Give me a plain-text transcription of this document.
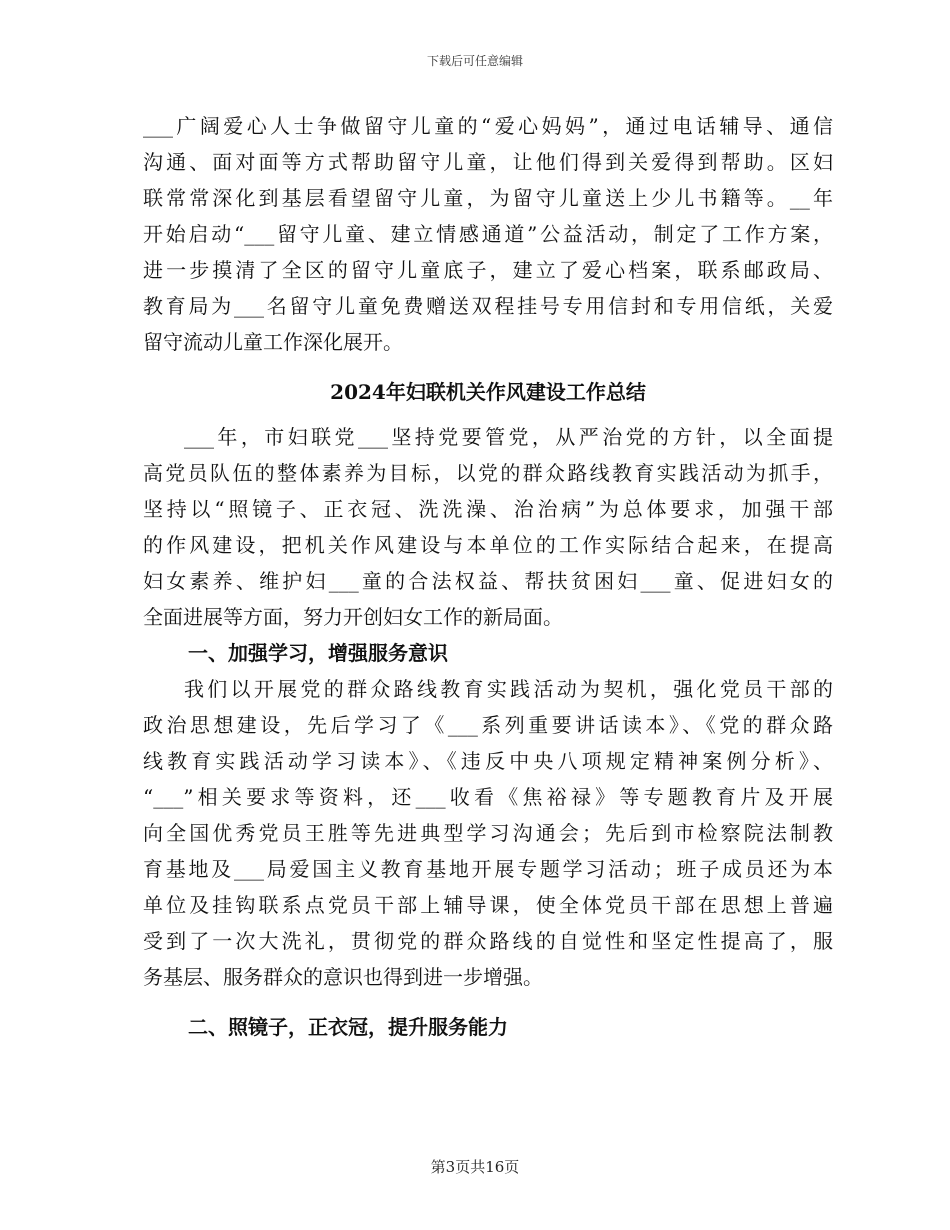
下载后可任意编辑
___广阔爱心人士争做留守儿童的“爱心妈妈”，通过电话辅导、通信
沟通、面对面等方式帮助留守儿童，让他们得到关爱得到帮助。区妇
联常常深化到基层看望留守儿童，为留守儿童送上少儿书籍等。__年
开始启动“___留守儿童、建立情感通道”公益活动，制定了工作方案，
进一步摸清了全区的留守儿童底子，建立了爱心档案，联系邮政局、
教育局为___名留守儿童免费赠送双程挂号专用信封和专用信纸，关爱
留守流动儿童工作深化展开。
2024年妇联机关作风建设工作总结
___年，市妇联党___坚持党要管党，从严治党的方针，以全面提
高党员队伍的整体素养为目标，以党的群众路线教育实践活动为抓手，
坚持以“照镜子、正衣冠、洗洗澡、治治病”为总体要求，加强干部
的作风建设，把机关作风建设与本单位的工作实际结合起来，在提高
妇女素养、维护妇___童的合法权益、帮扶贫困妇___童、促进妇女的
全面进展等方面，努力开创妇女工作的新局面。
一、加强学习，增强服务意识
我们以开展党的群众路线教育实践活动为契机，强化党员干部的
政治思想建设，先后学习了《___系列重要讲话读本》、《党的群众路
线教育实践活动学习读本》、《违反中央八项规定精神案例分析》、
“___”相关要求等资料，还___收看《焦裕禄》等专题教育片及开展
向全国优秀党员王胜等先进典型学习沟通会；先后到市检察院法制教
育基地及___局爱国主义教育基地开展专题学习活动；班子成员还为本
单位及挂钩联系点党员干部上辅导课，使全体党员干部在思想上普遍
受到了一次大洗礼，贯彻党的群众路线的自觉性和坚定性提高了，服
务基层、服务群众的意识也得到进一步增强。
二、照镜子，正衣冠，提升服务能力
第3页共16页
